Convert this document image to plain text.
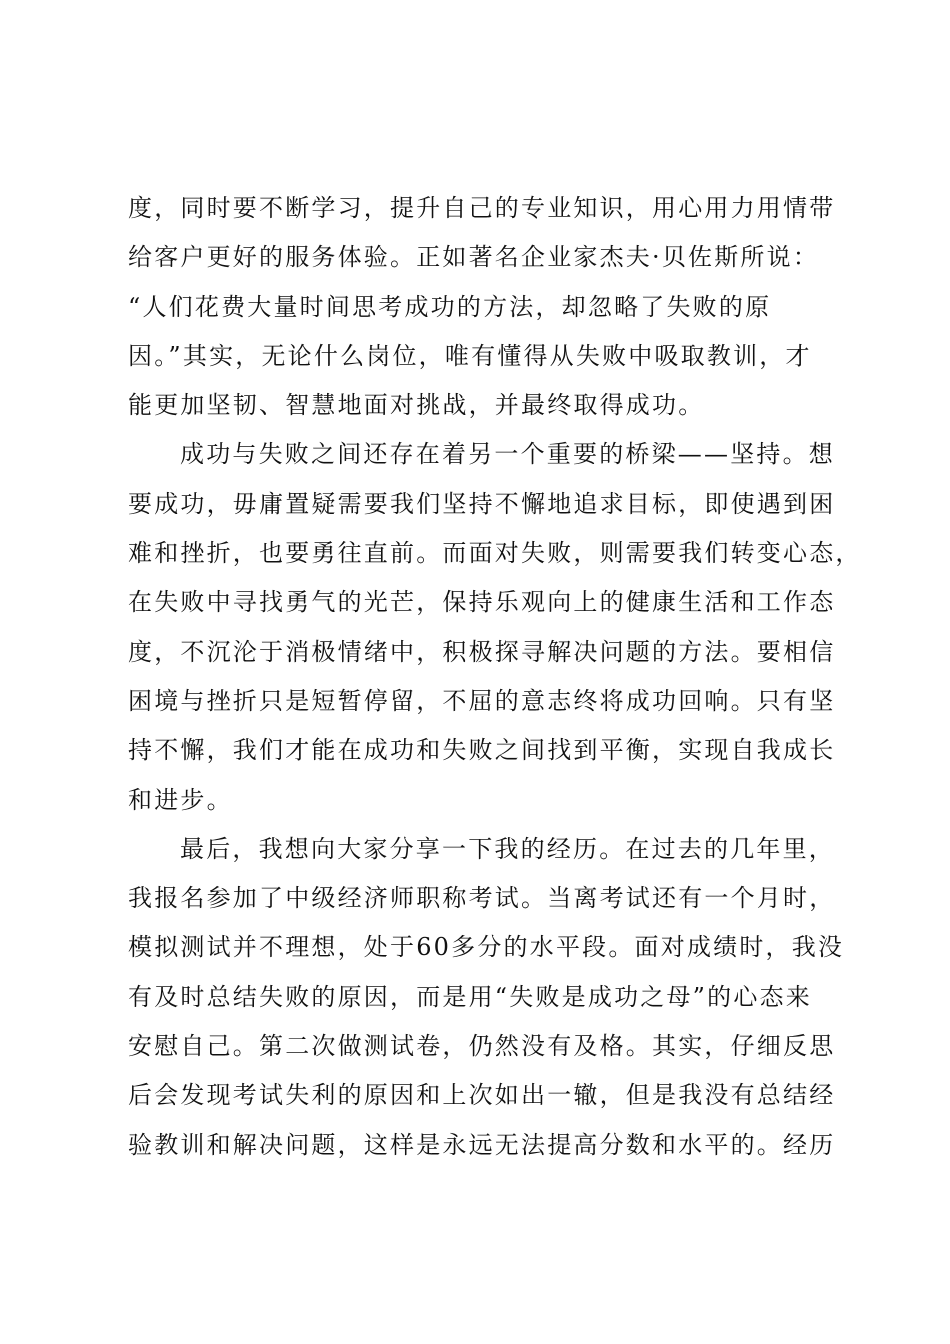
度，同时要不断学习，提升自己的专业知识，用心用力用情带
给客户更好的服务体验。正如著名企业家杰夫·贝佐斯所说：
“人们花费大量时间思考成功的方法，却忽略了失败的原
因。”其实，无论什么岗位，唯有懂得从失败中吸取教训，才
能更加坚韧、智慧地面对挑战，并最终取得成功。
成功与失败之间还存在着另一个重要的桥梁——坚持。想
要成功，毋庸置疑需要我们坚持不懈地追求目标，即使遇到困
难和挫折，也要勇往直前。而面对失败，则需要我们转变心态，
在失败中寻找勇气的光芒，保持乐观向上的健康生活和工作态
度，不沉沦于消极情绪中，积极探寻解决问题的方法。要相信
困境与挫折只是短暂停留，不屈的意志终将成功回响。只有坚
持不懈，我们才能在成功和失败之间找到平衡，实现自我成长
和进步。
最后，我想向大家分享一下我的经历。在过去的几年里，
我报名参加了中级经济师职称考试。当离考试还有一个月时，
模拟测试并不理想，处于60多分的水平段。面对成绩时，我没
有及时总结失败的原因，而是用“失败是成功之母”的心态来
安慰自己。第二次做测试卷，仍然没有及格。其实，仔细反思
后会发现考试失利的原因和上次如出一辙，但是我没有总结经
验教训和解决问题，这样是永远无法提高分数和水平的。经历
